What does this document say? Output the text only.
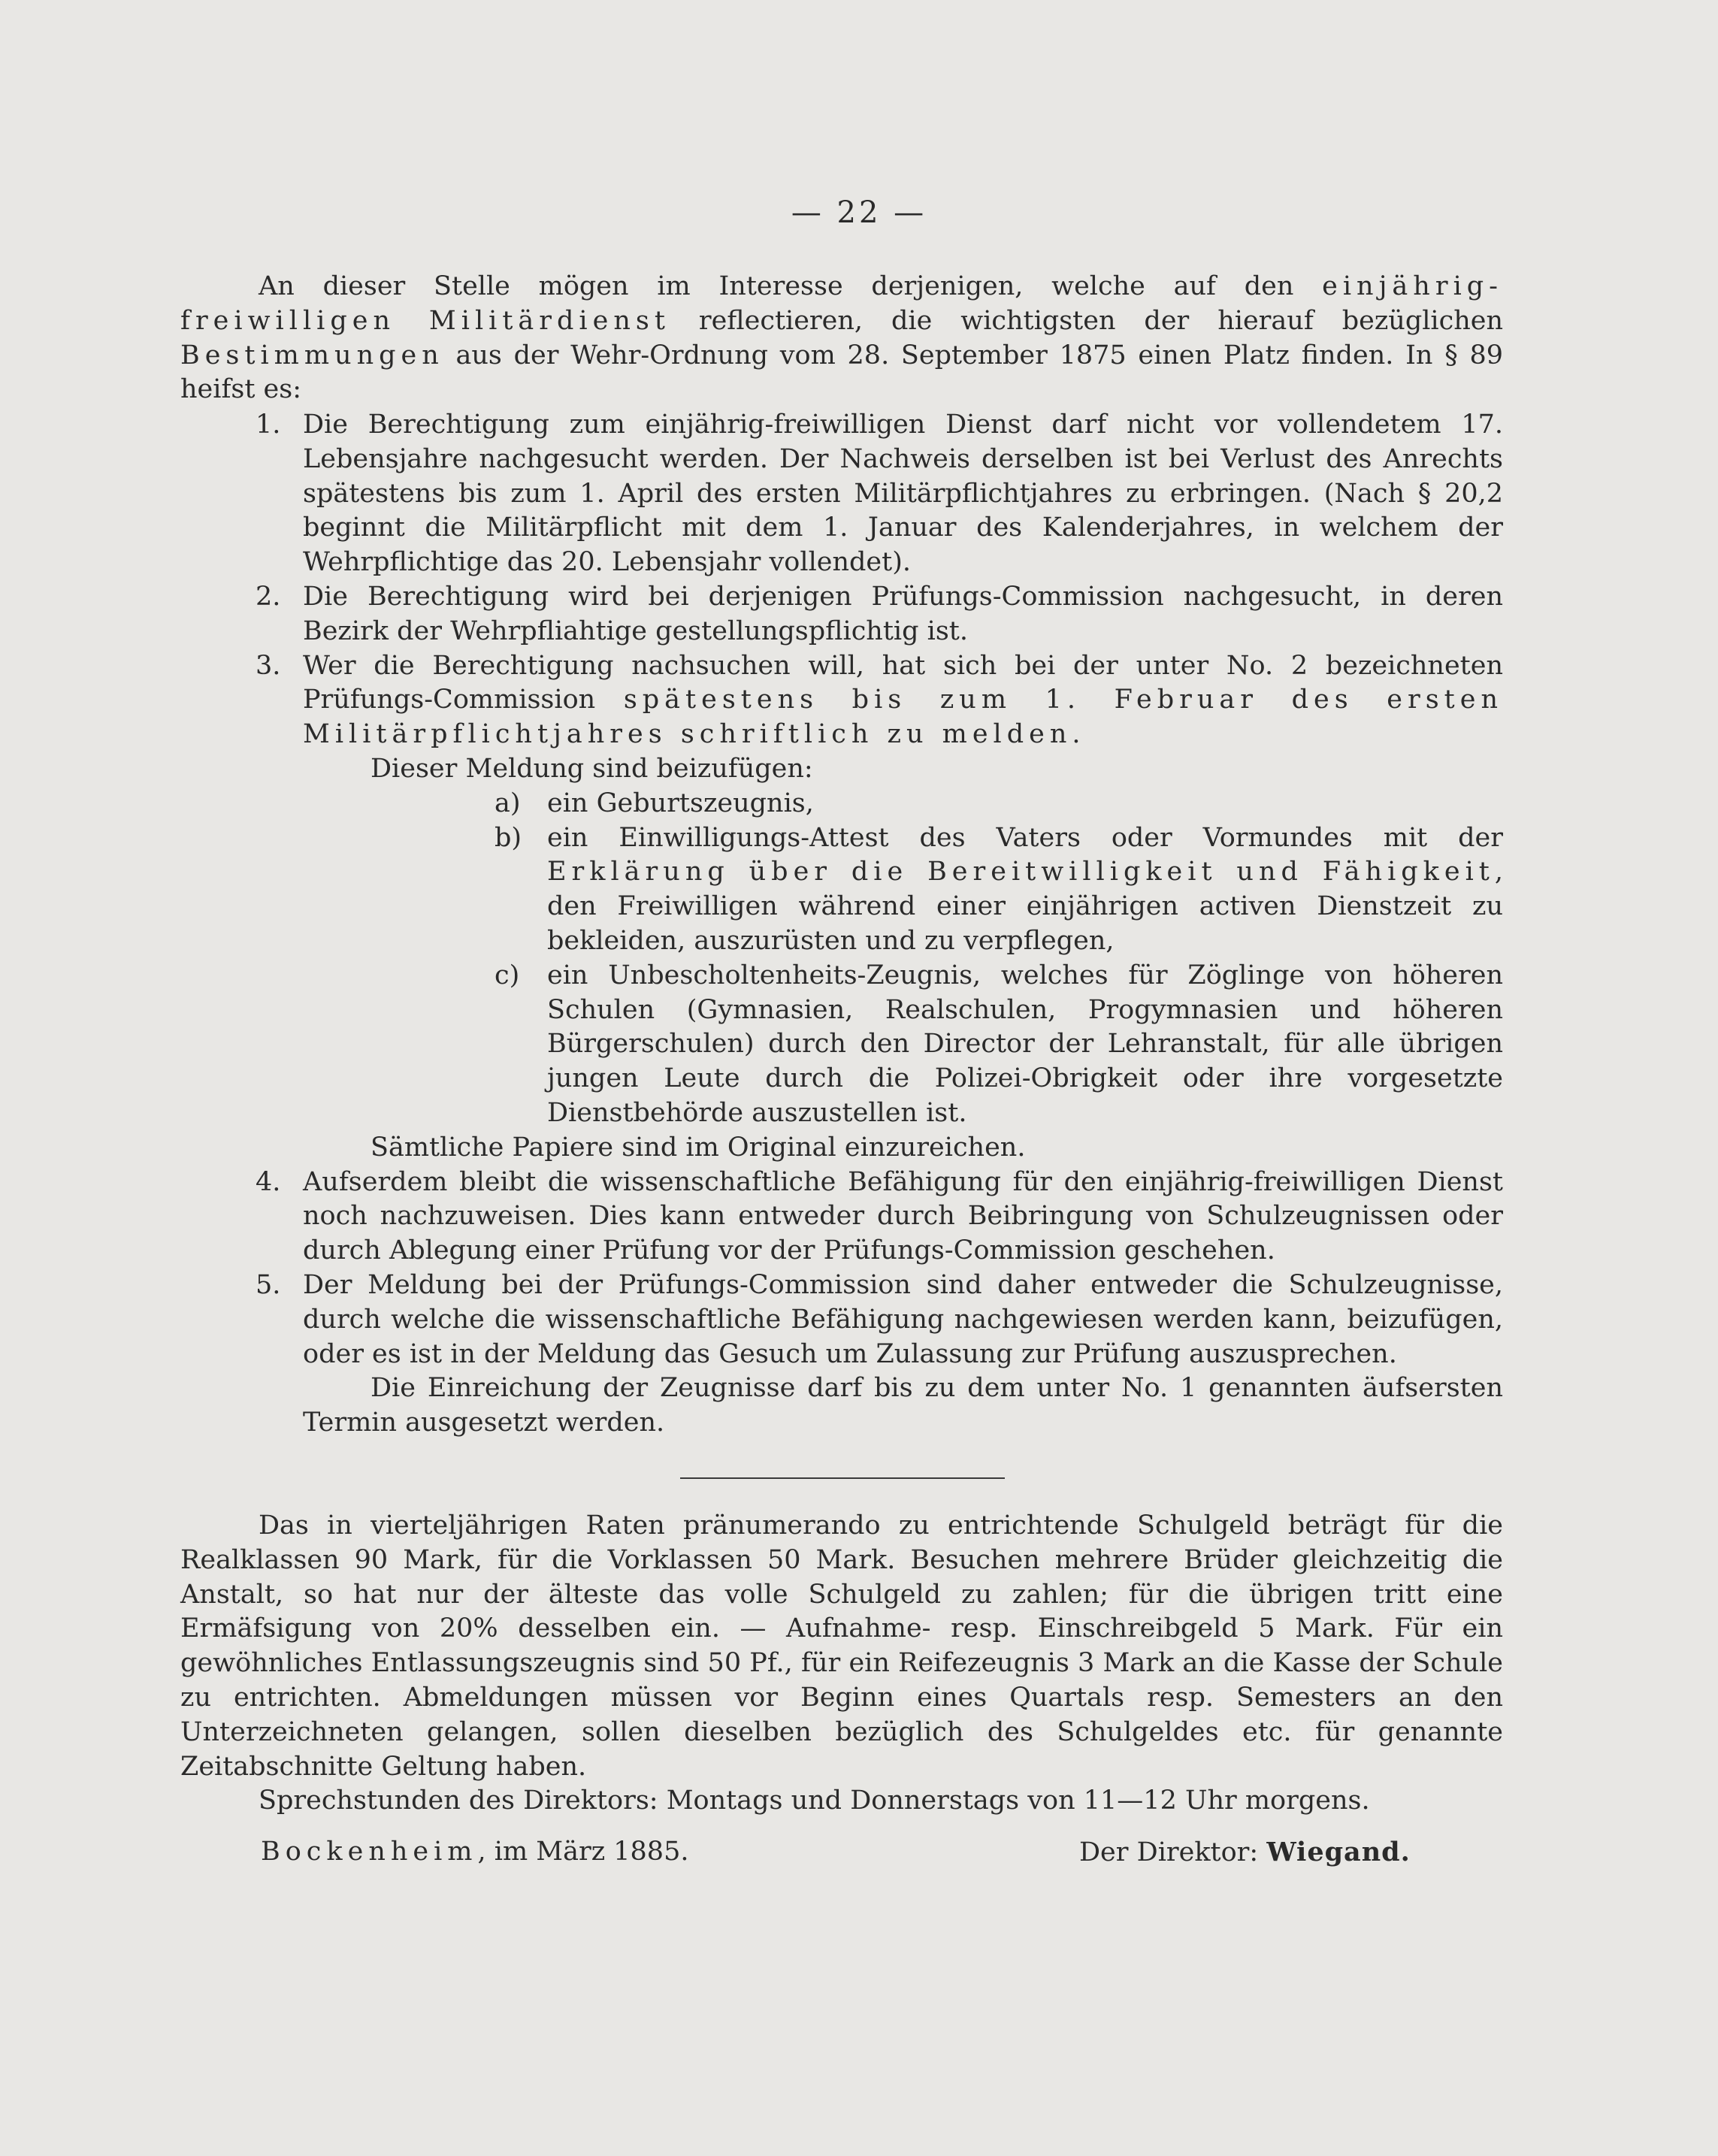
— 22 —

An dieser Stelle mögen im Interesse derjenigen, welche auf den einjährig-freiwilligen Militärdienst reflectieren, die wichtigsten der hierauf bezüglichen Bestimmungen aus der Wehr-Ordnung vom 28. September 1875 einen Platz finden. In § 89 heifst es:

1. Die Berechtigung zum einjährig-freiwilligen Dienst darf nicht vor vollendetem 17. Lebensjahre nachgesucht werden. Der Nachweis derselben ist bei Verlust des Anrechts spätestens bis zum 1. April des ersten Militärpflichtjahres zu erbringen. (Nach § 20,2 beginnt die Militärpflicht mit dem 1. Januar des Kalenderjahres, in welchem der Wehrpflichtige das 20. Lebensjahr vollendet).
2. Die Berechtigung wird bei derjenigen Prüfungs-Commission nachgesucht, in deren Bezirk der Wehrpfliahtige gestellungspflichtig ist.
3. Wer die Berechtigung nachsuchen will, hat sich bei der unter No. 2 bezeichneten Prüfungs-Commission spätestens bis zum 1. Februar des ersten Militärpflichtjahres schriftlich zu melden.
Dieser Meldung sind beizufügen:
a) ein Geburtszeugnis,
b) ein Einwilligungs-Attest des Vaters oder Vormundes mit der Erklärung über die Bereitwilligkeit und Fähigkeit, den Freiwilligen während einer einjährigen activen Dienstzeit zu bekleiden, auszurüsten und zu verpflegen,
c) ein Unbescholtenheits-Zeugnis, welches für Zöglinge von höheren Schulen (Gymnasien, Realschulen, Progymnasien und höheren Bürgerschulen) durch den Director der Lehranstalt, für alle übrigen jungen Leute durch die Polizei-Obrigkeit oder ihre vorgesetzte Dienstbehörde auszustellen ist.
Sämtliche Papiere sind im Original einzureichen.
4. Aufserdem bleibt die wissenschaftliche Befähigung für den einjährig-freiwilligen Dienst noch nachzuweisen. Dies kann entweder durch Beibringung von Schulzeugnissen oder durch Ablegung einer Prüfung vor der Prüfungs-Commission geschehen.
5. Der Meldung bei der Prüfungs-Commission sind daher entweder die Schulzeugnisse, durch welche die wissenschaftliche Befähigung nachgewiesen werden kann, beizufügen, oder es ist in der Meldung das Gesuch um Zulassung zur Prüfung auszusprechen.
Die Einreichung der Zeugnisse darf bis zu dem unter No. 1 genannten äufsersten Termin ausgesetzt werden.

Das in vierteljährigen Raten pränumerando zu entrichtende Schulgeld beträgt für die Realklassen 90 Mark, für die Vorklassen 50 Mark. Besuchen mehrere Brüder gleichzeitig die Anstalt, so hat nur der älteste das volle Schulgeld zu zahlen; für die übrigen tritt eine Ermäfsigung von 20% desselben ein. — Aufnahme- resp. Einschreibgeld 5 Mark. Für ein gewöhnliches Entlassungszeugnis sind 50 Pf., für ein Reifezeugnis 3 Mark an die Kasse der Schule zu entrichten. Abmeldungen müssen vor Beginn eines Quartals resp. Semesters an den Unterzeichneten gelangen, sollen dieselben bezüglich des Schulgeldes etc. für genannte Zeitabschnitte Geltung haben.

Sprechstunden des Direktors: Montags und Donnerstags von 11—12 Uhr morgens.

Bockenheim, im März 1885.	Der Direktor: Wiegand.
